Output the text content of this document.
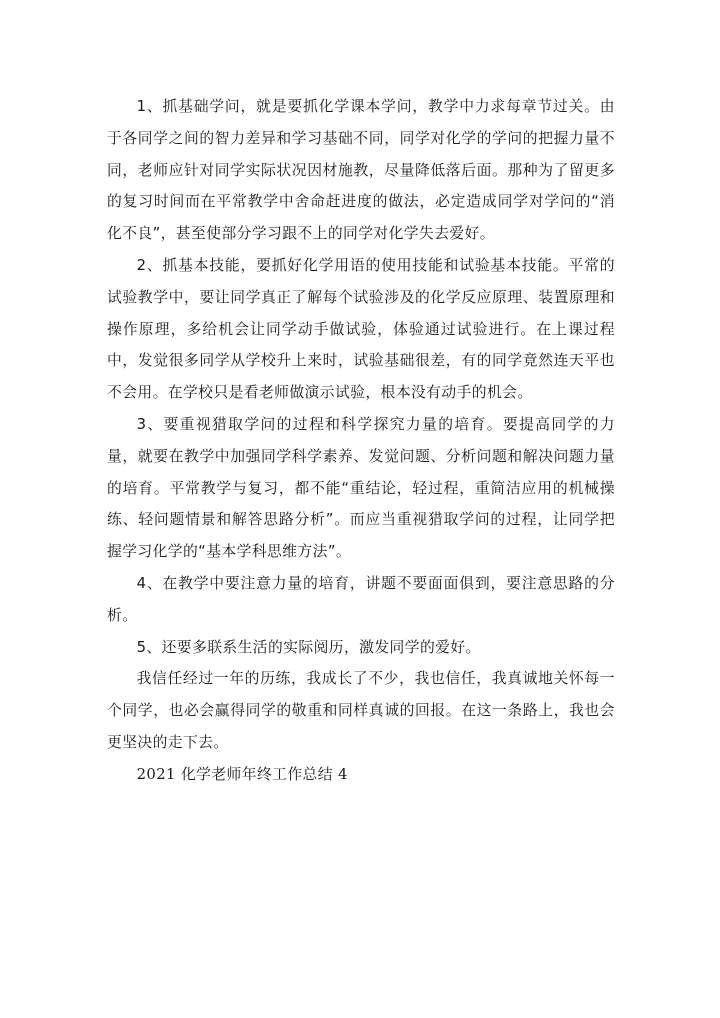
1、抓基础学问，就是要抓化学课本学问，教学中力求每章节过关。由于各同学之间的智力差异和学习基础不同，同学对化学的学问的把握力量不同，老师应针对同学实际状况因材施教，尽量降低落后面。那种为了留更多的复习时间而在平常教学中舍命赶进度的做法，必定造成同学对学问的“消化不良”，甚至使部分学习跟不上的同学对化学失去爱好。

2、抓基本技能，要抓好化学用语的使用技能和试验基本技能。平常的试验教学中，要让同学真正了解每个试验涉及的化学反应原理、装置原理和操作原理，多给机会让同学动手做试验，体验通过试验进行。在上课过程中，发觉很多同学从学校升上来时，试验基础很差，有的同学竟然连天平也不会用。在学校只是看老师做演示试验，根本没有动手的机会。

3、要重视猎取学问的过程和科学探究力量的培育。要提高同学的力量，就要在教学中加强同学科学素养、发觉问题、分析问题和解决问题力量的培育。平常教学与复习，都不能“重结论，轻过程，重简洁应用的机械操练、轻问题情景和解答思路分析”。而应当重视猎取学问的过程，让同学把握学习化学的“基本学科思维方法”。

4、在教学中要注意力量的培育，讲题不要面面俱到，要注意思路的分析。

5、还要多联系生活的实际阅历，激发同学的爱好。

我信任经过一年的历练，我成长了不少，我也信任，我真诚地关怀每一个同学，也必会赢得同学的敬重和同样真诚的回报。在这一条路上，我也会更坚决的走下去。

2021 化学老师年终工作总结 4
